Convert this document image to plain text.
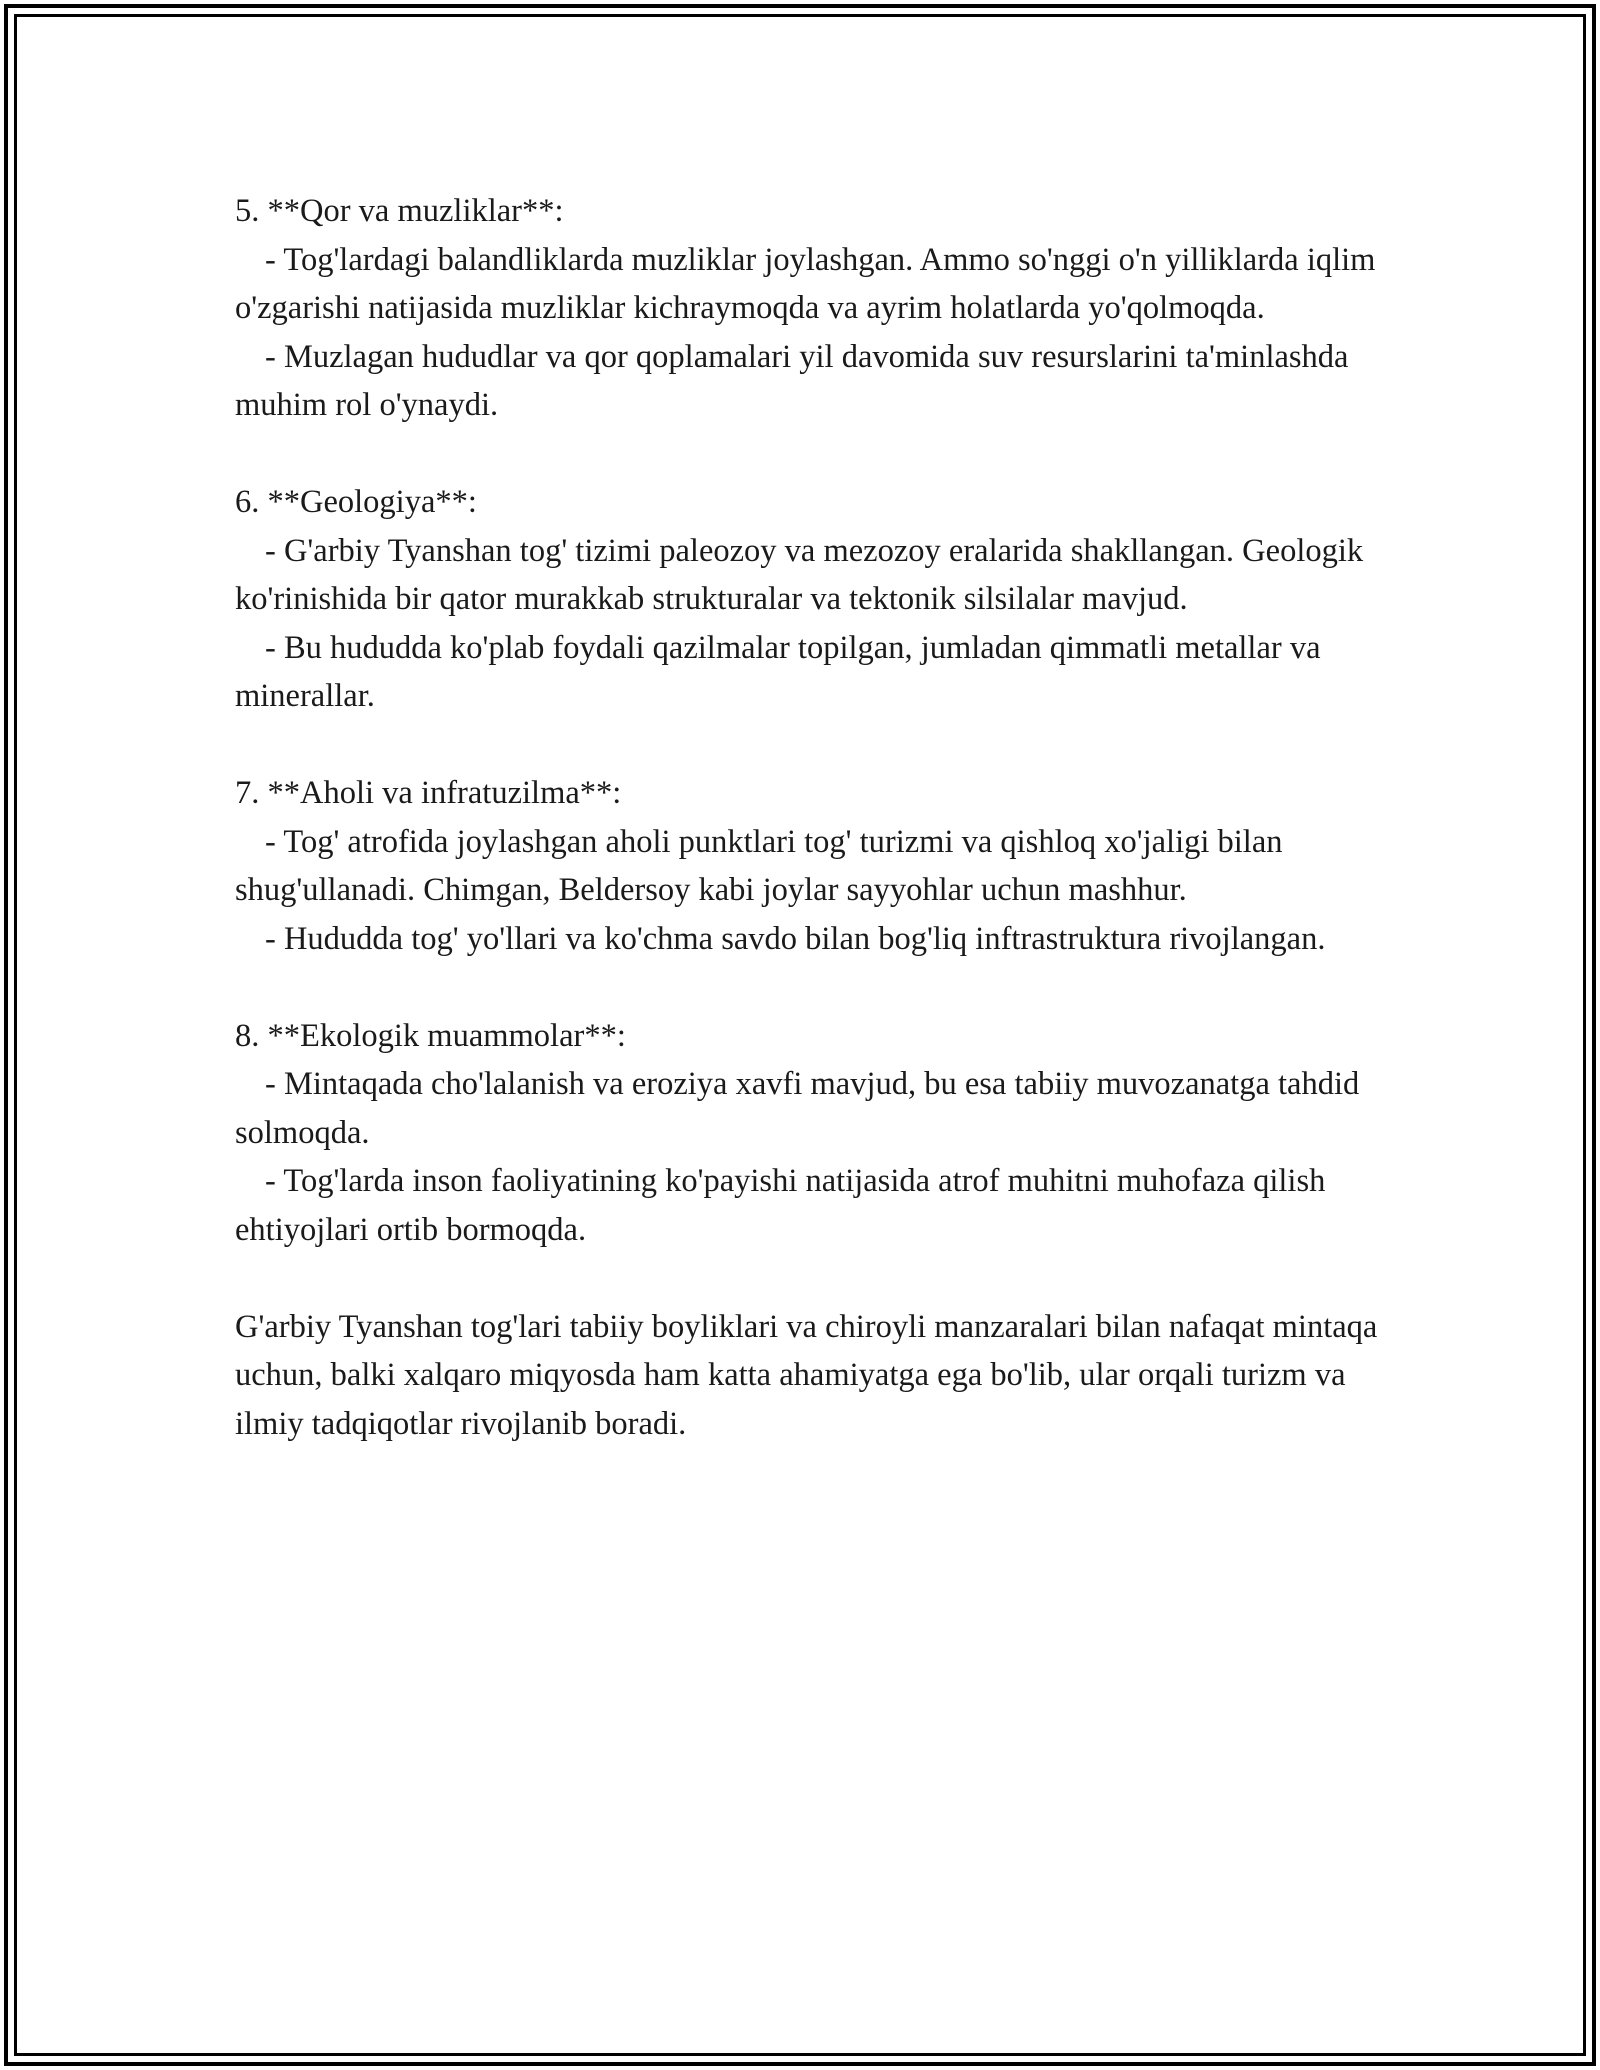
5. **Qor va muzliklar**:

- Tog'lardagi balandliklarda muzliklar joylashgan. Ammo so'nggi o'n yilliklarda iqlim o'zgarishi natijasida muzliklar kichraymoqda va ayrim holatlarda yo'qolmoqda.

- Muzlagan hududlar va qor qoplamalari yil davomida suv resurslarini ta'minlashda muhim rol o'ynaydi.

6. **Geologiya**:

- G'arbiy Tyanshan tog' tizimi paleozoy va mezozoy eralarida shakllangan. Geologik ko'rinishida bir qator murakkab strukturalar va tektonik silsilalar mavjud.

- Bu hududda ko'plab foydali qazilmalar topilgan, jumladan qimmatli metallar va minerallar.

7. **Aholi va infratuzilma**:

- Tog' atrofida joylashgan aholi punktlari tog' turizmi va qishloq xo'jaligi bilan shug'ullanadi. Chimgan, Beldersoy kabi joylar sayyohlar uchun mashhur.

- Hududda tog' yo'llari va ko'chma savdo bilan bog'liq inftrastruktura rivojlangan.

8. **Ekologik muammolar**:

- Mintaqada cho'lalanish va eroziya xavfi mavjud, bu esa tabiiy muvozanatga tahdid solmoqda.

- Tog'larda inson faoliyatining ko'payishi natijasida atrof muhitni muhofaza qilish ehtiyojlari ortib bormoqda.

G'arbiy Tyanshan tog'lari tabiiy boyliklari va chiroyli manzaralari bilan nafaqat mintaqa uchun, balki xalqaro miqyosda ham katta ahamiyatga ega bo'lib, ular orqali turizm va ilmiy tadqiqotlar rivojlanib boradi.
